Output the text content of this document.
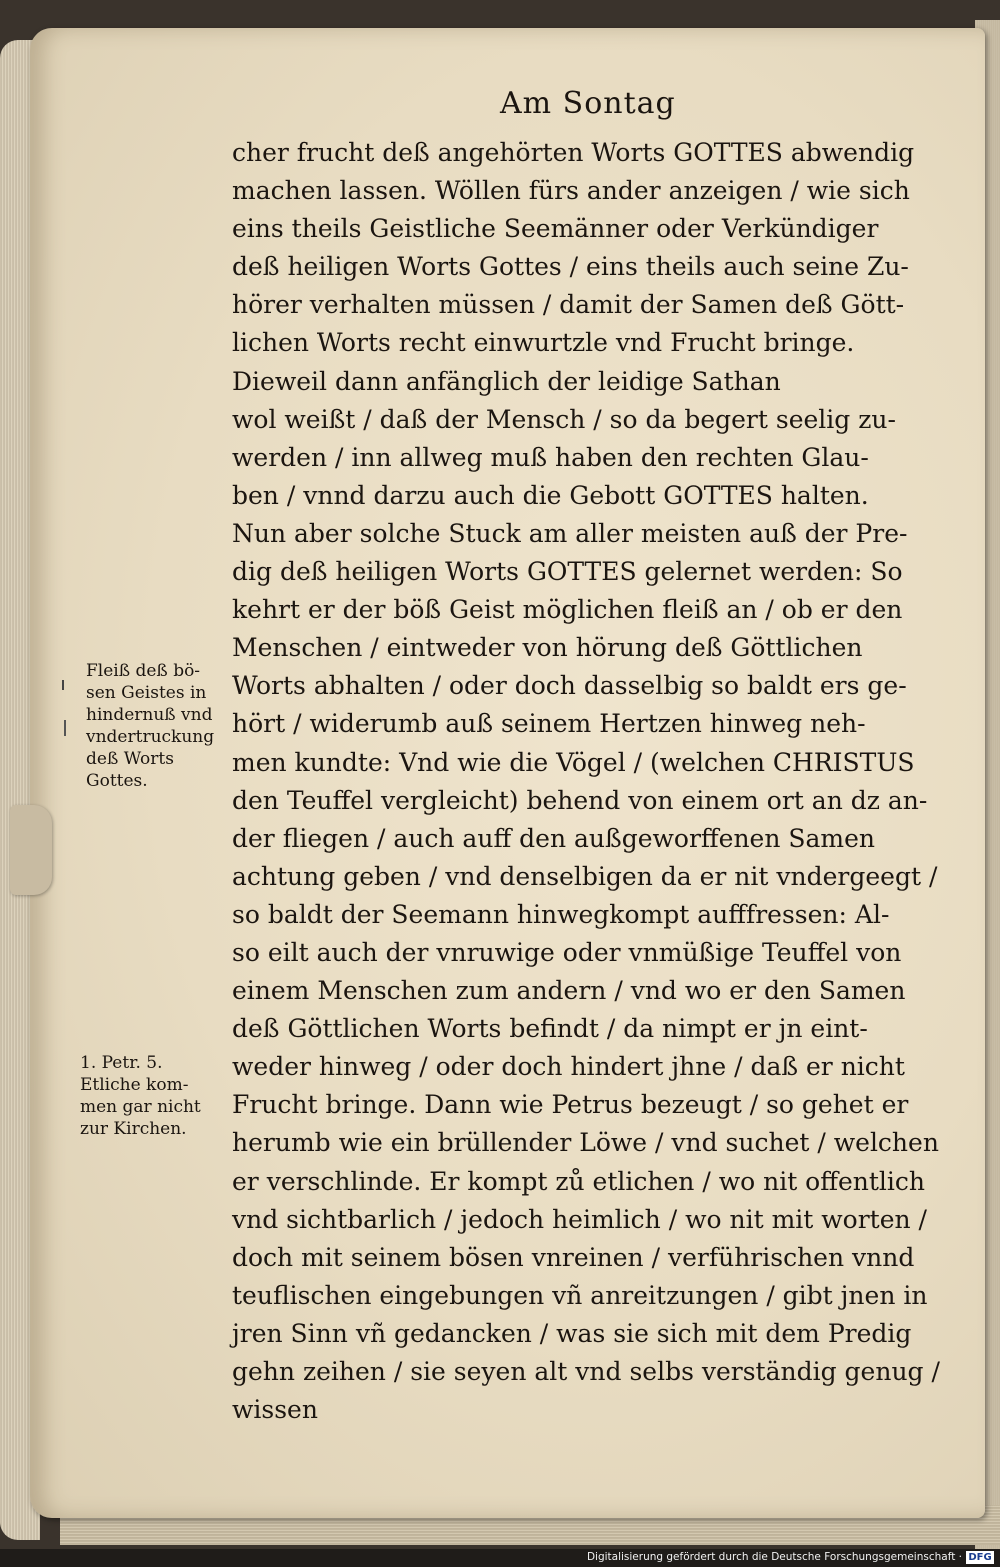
Am Sontag
cher frucht deß angehörten Worts GOTTES abwendig
machen lassen. Wöllen fürs ander anzeigen / wie sich
eins theils Geistliche Seemänner oder Verkündiger
deß heiligen Worts Gottes / eins theils auch seine Zu-
hörer verhalten müssen / damit der Samen deß Gött-
lichen Worts recht einwurtzle vnd Frucht bringe.
Dieweil dann anfänglich der leidige Sathan
wol weißt / daß der Mensch / so da begert seelig zu-
werden / inn allweg muß haben den rechten Glau-
ben / vnnd darzu auch die Gebott GOTTES halten.
Nun aber solche Stuck am aller meisten auß der Pre-
dig deß heiligen Worts GOTTES gelernet werden: So
kehrt er der böß Geist möglichen fleiß an / ob er den
Menschen / eintweder von hörung deß Göttlichen
Worts abhalten / oder doch dasselbig so baldt ers ge-
hört / widerumb auß seinem Hertzen hinweg neh-
men kundte: Vnd wie die Vögel / (welchen CHRISTUS
den Teuffel vergleicht) behend von einem ort an dz an-
der fliegen / auch auff den außgeworffenen Samen
achtung geben / vnd denselbigen da er nit vndergeegt /
so baldt der Seemann hinwegkompt aufffressen: Al-
so eilt auch der vnruwige oder vnmüßige Teuffel von
einem Menschen zum andern / vnd wo er den Samen
deß Göttlichen Worts befindt / da nimpt er jn eint-
weder hinweg / oder doch hindert jhne / daß er nicht
Frucht bringe. Dann wie Petrus bezeugt / so gehet er
herumb wie ein brüllender Löwe / vnd suchet / welchen
er verschlinde. Er kompt zů etlichen / wo nit offentlich
vnd sichtbarlich / jedoch heimlich / wo nit mit worten /
doch mit seinem bösen vnreinen / verführischen vnnd
teuflischen eingebungen vñ anreitzungen / gibt jnen in
jren Sinn vñ gedancken / was sie sich mit dem Predig
gehn zeihen / sie seyen alt vnd selbs verständig genug /
wissen
Fleiß deß bö-
sen Geistes in
hindernuß vnd
vndertruckung
deß Worts
Gottes.
1. Petr. 5.
Etliche kom-
men gar nicht
zur Kirchen.
Digitalisierung gefördert durch die Deutsche Forschungsgemeinschaft · DFG
